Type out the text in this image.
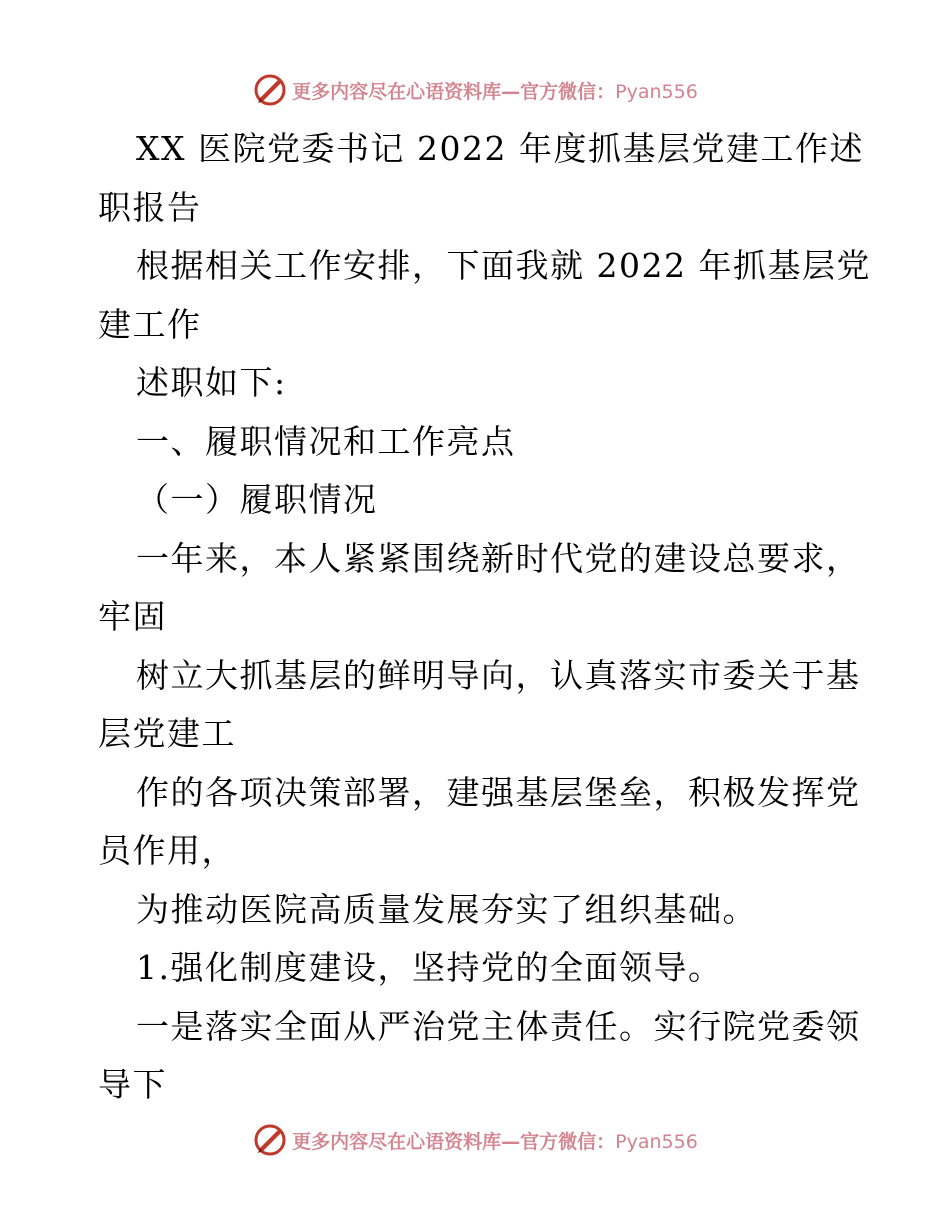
更多内容尽在心语资料库—官方微信：Pyan556
XX 医院党委书记 2022 年度抓基层党建工作述
职报告
根据相关工作安排，下面我就 2022 年抓基层党
建工作
述职如下:
一、履职情况和工作亮点
（一）履职情况
一年来，本人紧紧围绕新时代党的建设总要求，
牢固
树立大抓基层的鲜明导向，认真落实市委关于基
层党建工
作的各项决策部署，建强基层堡垒，积极发挥党
员作用，
为推动医院高质量发展夯实了组织基础。
1.强化制度建设，坚持党的全面领导。
一是落实全面从严治党主体责任。实行院党委领
导下
更多内容尽在心语资料库—官方微信：Pyan556
